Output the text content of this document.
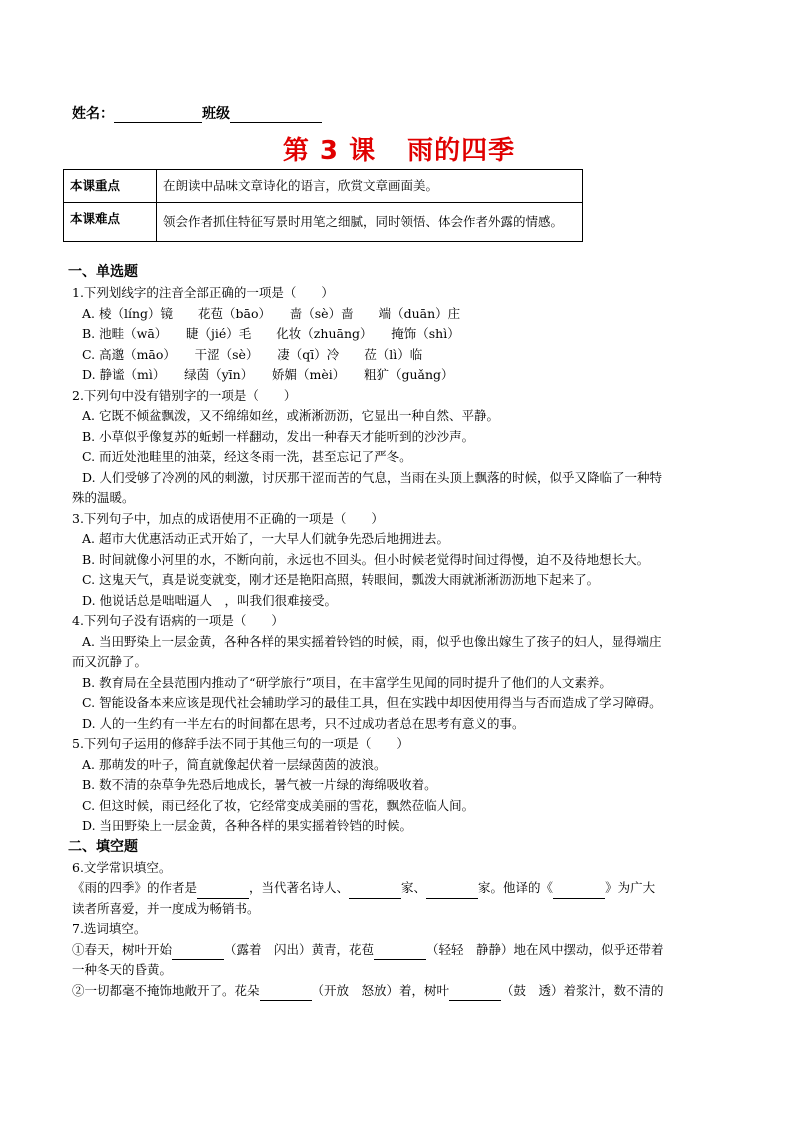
姓名：	班级
第 3 课　 雨的四季
本课重点	在朗读中品味文章诗化的语言，欣赏文章画面美。
本课难点	领会作者抓住特征写景时用笔之细腻，同时领悟、体会作者外露的情感。
一、单选题

1.下列划线字的注音全部正确的一项是（　　）

A. 棱（líng）镜　　花苞（bāo）　　啬（sè）啬　　端（duān）庄

B. 池畦（wā）　　睫（jié）毛　　化妆（zhuāng）　　掩饰（shì）

C. 高邈（māo）　　干涩（sè）　　凄（qī）冷　　莅（lì）临

D. 静谧（mì）　　绿茵（yīn）　　娇媚（mèi）　　粗犷（guǎng）

2.下列句中没有错别字的一项是（　　）

A. 它既不倾盆飘泼，又不绵绵如丝，或淅淅沥沥，它显出一种自然、平静。

B. 小草似乎像复苏的蚯蚓一样翻动，发出一种春天才能听到的沙沙声。

C. 而近处池畦里的油菜，经这冬雨一洗，甚至忘记了严冬。

D. 人们受够了冷冽的风的刺激，讨厌那干涩而苦的气息，当雨在头顶上飘落的时候，似乎又降临了一种特

殊的温暖。

3.下列句子中，加点的成语使用不正确的一项是（　　）

A. 超市大优惠活动正式开始了，一大早人们就争先恐后地拥进去。

B. 时间就像小河里的水，不断向前，永远也不回头。但小时候老觉得时间过得慢，迫不及待地想长大。

C. 这鬼天气，真是说变就变，刚才还是艳阳高照，转眼间，瓢泼大雨就淅淅沥沥地下起来了。

D. 他说话总是咄咄逼人　，叫我们很难接受。

4.下列句子没有语病的一项是（　　）

A. 当田野染上一层金黄，各种各样的果实摇着铃铛的时候，雨，似乎也像出嫁生了孩子的妇人，显得端庄

而又沉静了。

B. 教育局在全县范围内推动了“研学旅行”项目，在丰富学生见闻的同时提升了他们的人文素养。

C. 智能设备本来应该是现代社会辅助学习的最佳工具，但在实践中却因使用得当与否而造成了学习障碍。

D. 人的一生约有一半左右的时间都在思考，只不过成功者总在思考有意义的事。

5.下列句子运用的修辞手法不同于其他三句的一项是（　　）

A. 那萌发的叶子，简直就像起伏着一层绿茵茵的波浪。

B. 数不清的杂草争先恐后地成长，暑气被一片绿的海绵吸收着。

C. 但这时候，雨已经化了妆，它经常变成美丽的雪花，飘然莅临人间。

D. 当田野染上一层金黄，各种各样的果实摇着铃铛的时候。

二、填空题

6.文学常识填空。

《雨的四季》的作者是	，当代著名诗人、	家、	家。他译的《	》为广大

读者所喜爱，并一度成为畅销书。

7.选词填空。

①春天，树叶开始	（露着　闪出）黄青，花苞	（轻轻　静静）地在风中摆动，似乎还带着

一种冬天的昏黄。

②一切都毫不掩饰地敞开了。花朵	（开放　怒放）着，树叶	（鼓　透）着浆汁，数不清的
